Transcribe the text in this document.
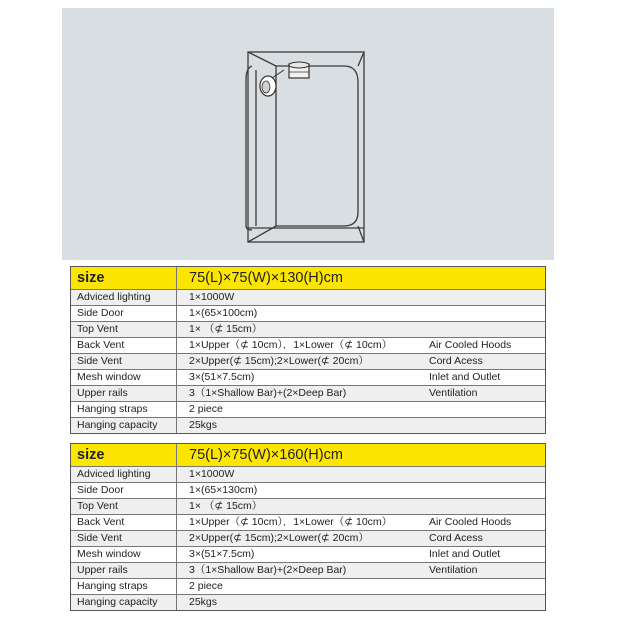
size	75(L)×75(W)×130(H)cm
Adviced lighting	1×1000W
Side Door	1×(65×100cm)
Top Vent	1× （⊄ 15cm）
Back Vent	1×Upper（⊄ 10cm）．1×Lower（⊄ 10cm）	Air Cooled Hoods
Side Vent	2×Upper(⊄ 15cm);2×Lower(⊄ 20cm）	Cord Acess
Mesh window	3×(51×7.5cm)	Inlet and Outlet
Upper rails	3（1×Shallow Bar)+(2×Deep Bar)	Ventilation
Hanging straps	2 piece
Hanging capacity	25kgs
size	75(L)×75(W)×160(H)cm
Adviced lighting	1×1000W
Side Door	1×(65×130cm)
Top Vent	1× （⊄ 15cm）
Back Vent	1×Upper（⊄ 10cm）．1×Lower（⊄ 10cm）	Air Cooled Hoods
Side Vent	2×Upper(⊄ 15cm);2×Lower(⊄ 20cm）	Cord Acess
Mesh window	3×(51×7.5cm)	Inlet and Outlet
Upper rails	3（1×Shallow Bar)+(2×Deep Bar)	Ventilation
Hanging straps	2 piece
Hanging capacity	25kgs
